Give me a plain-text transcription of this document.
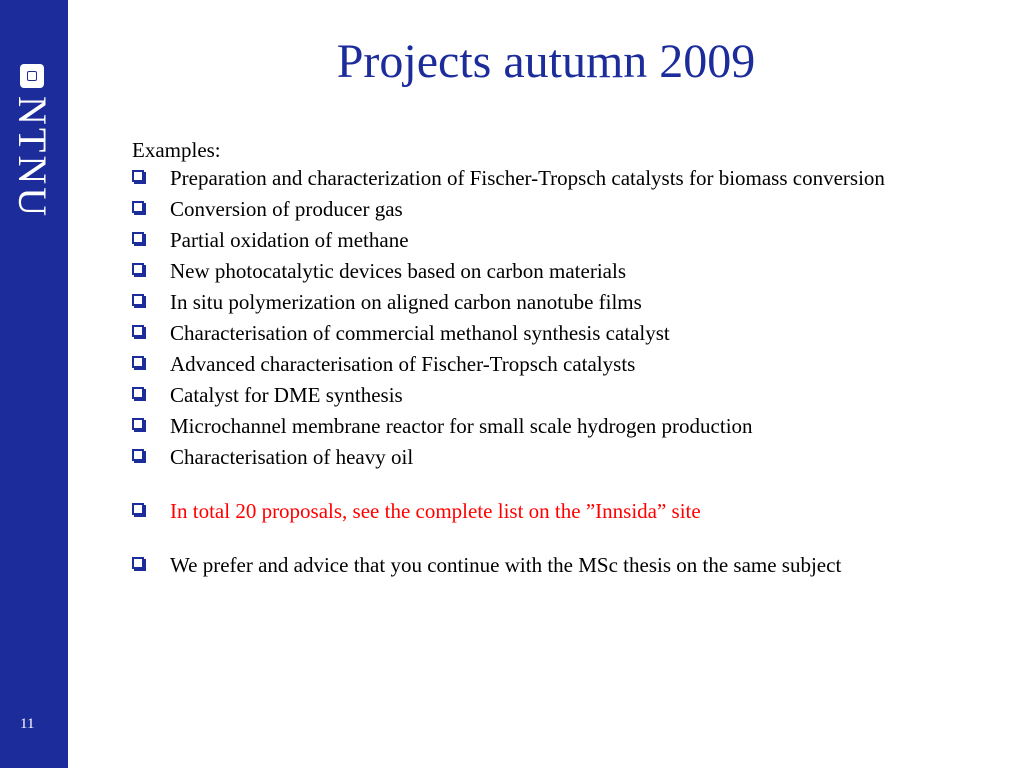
NTNU
11
Projects autumn 2009

Examples:

Preparation and characterization of Fischer-Tropsch catalysts for biomass conversion
Conversion of producer gas
Partial oxidation of methane
New photocatalytic devices based on carbon materials
In situ polymerization on aligned carbon nanotube films
Characterisation of commercial methanol synthesis catalyst
Advanced characterisation of Fischer-Tropsch catalysts
Catalyst for DME synthesis
Microchannel membrane reactor for small scale hydrogen production
Characterisation of heavy oil
In total 20 proposals, see the complete list on the ”Innsida” site
We prefer and advice that you continue with the MSc thesis on the same subject
